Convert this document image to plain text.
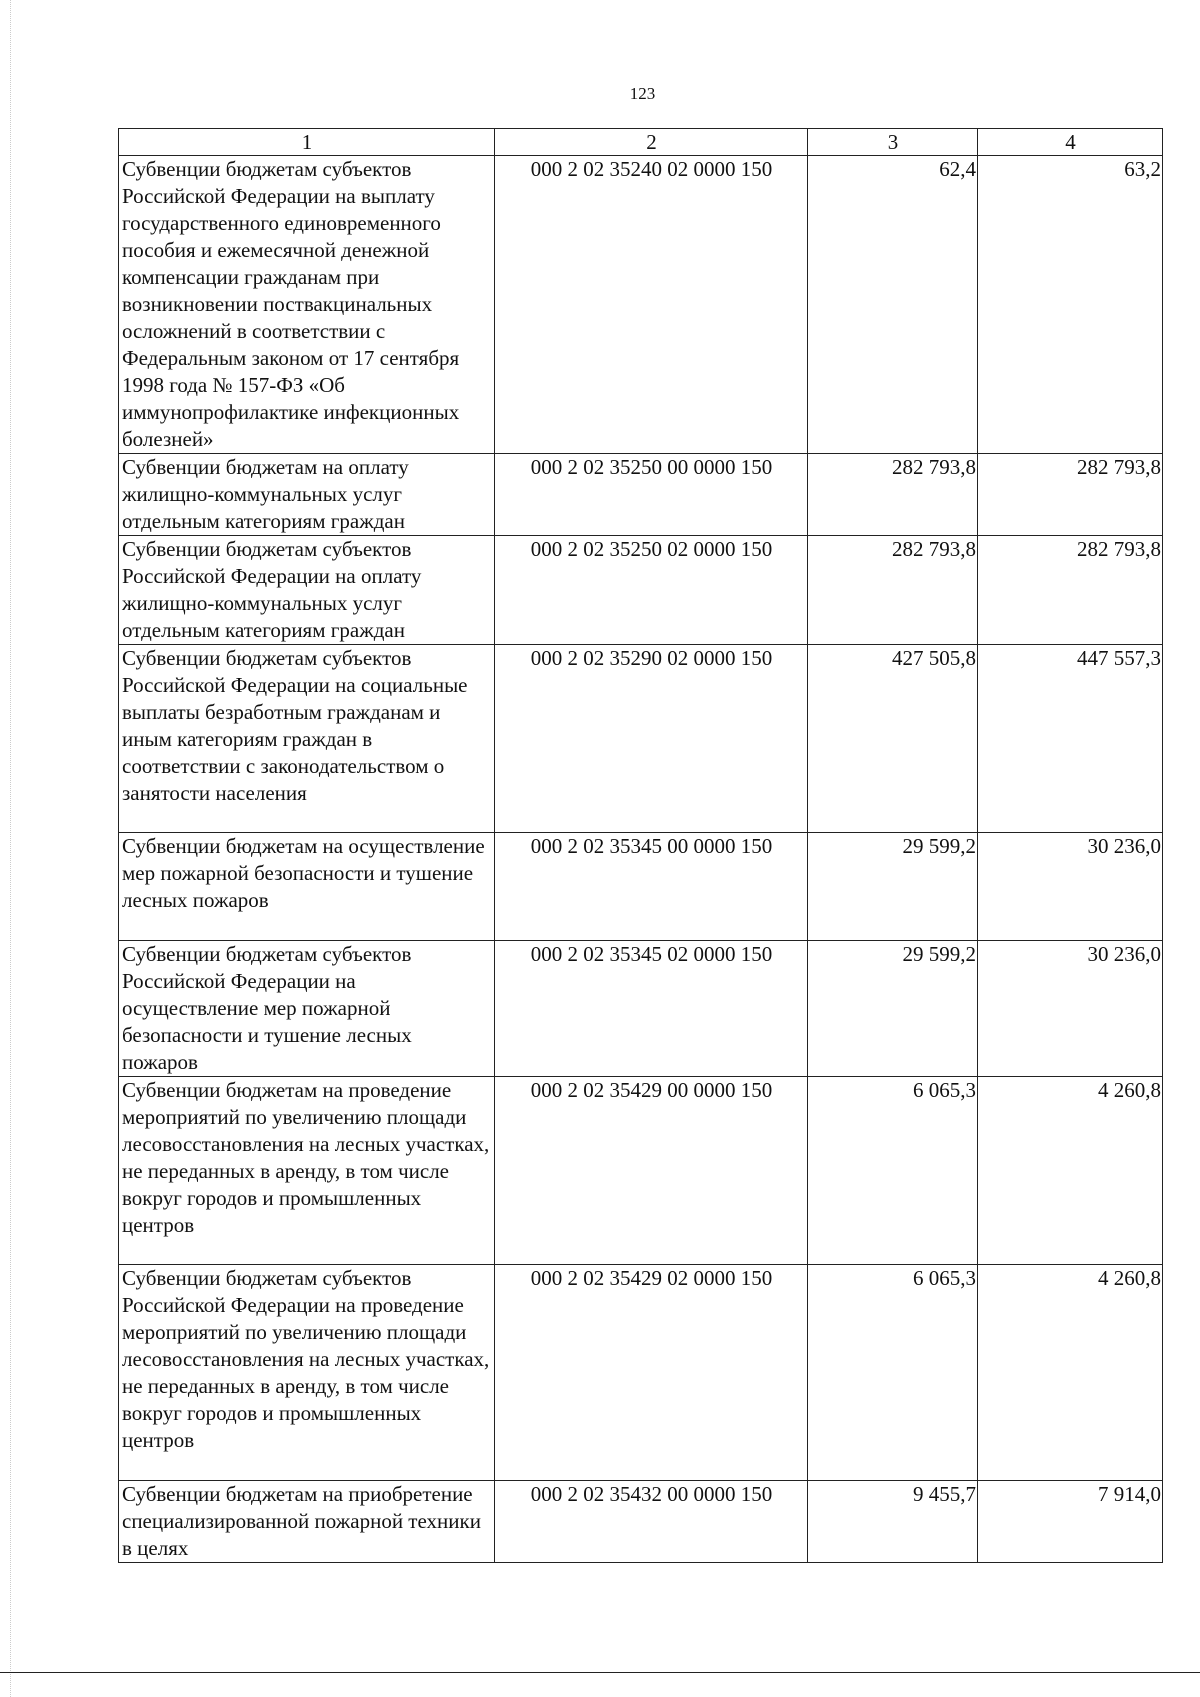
123
1	2	3	4
Субвенции бюджетам субъектов Российской Федерации на выплату государственного единовременного пособия и ежемесячной денежной компенсации гражданам при возникновении поствакцинальных осложнений в соответствии с Федеральным законом от 17 сентября 1998 года № 157-ФЗ «Об иммунопрофилактике инфекционных болезней»	000 2 02 35240 02 0000 150	62,4	63,2
Субвенции бюджетам на оплату жилищно-коммунальных услуг отдельным категориям граждан	000 2 02 35250 00 0000 150	282 793,8	282 793,8
Субвенции бюджетам субъектов Российской Федерации на оплату жилищно-коммунальных услуг отдельным категориям граждан	000 2 02 35250 02 0000 150	282 793,8	282 793,8
Субвенции бюджетам субъектов Российской Федерации на социальные выплаты безработным гражданам и иным категориям граждан в соответствии с законодательством о занятости населения	000 2 02 35290 02 0000 150	427 505,8	447 557,3
Субвенции бюджетам на осуществление мер пожарной безопасности и тушение лесных пожаров	000 2 02 35345 00 0000 150	29 599,2	30 236,0
Субвенции бюджетам субъектов Российской Федерации на осуществление мер пожарной безопасности и тушение лесных пожаров	000 2 02 35345 02 0000 150	29 599,2	30 236,0
Субвенции бюджетам на проведение мероприятий по увеличению площади лесовосстановления на лесных участках, не переданных в аренду, в том числе вокруг городов и промышленных центров	000 2 02 35429 00 0000 150	6 065,3	4 260,8
Субвенции бюджетам субъектов Российской Федерации на проведение мероприятий по увеличению площади лесовосстановления на лесных участках, не переданных в аренду, в том числе вокруг городов и промышленных центров	000 2 02 35429 02 0000 150	6 065,3	4 260,8
Субвенции бюджетам на приобретение специализированной пожарной техники в целях	000 2 02 35432 00 0000 150	9 455,7	7 914,0
